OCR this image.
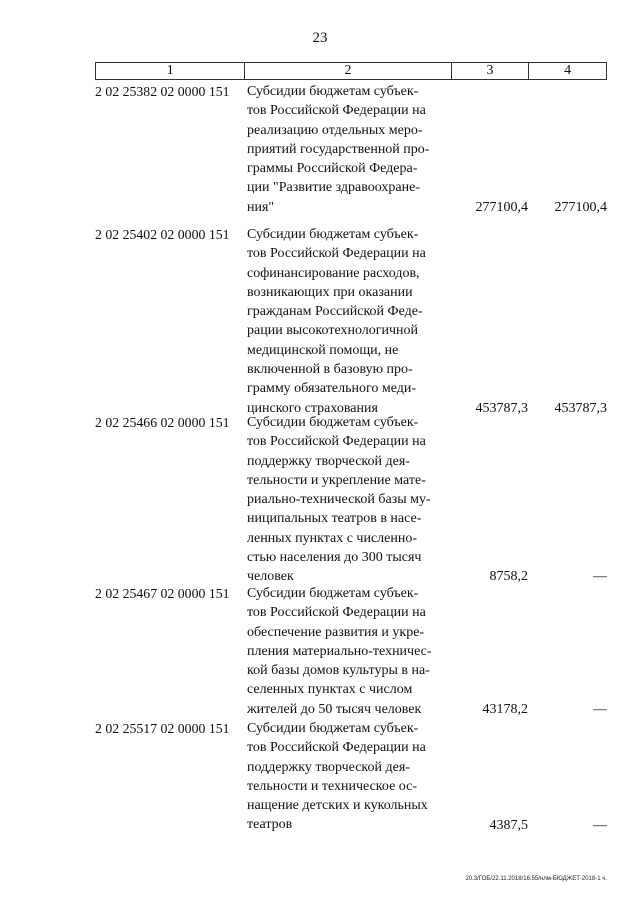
23
1	2	3	4
2 02 25382 02 0000 151	Субсидии бюджетам субъек-
тов Российской Федерации на
реализацию отдельных меро-
приятий государственной про-
граммы Российской Федера-
ции "Развитие здравоохране-
ния"	277100,4	277100,4
2 02 25402 02 0000 151	Субсидии бюджетам субъек-
тов Российской Федерации на
софинансирование расходов,
возникающих при оказании
гражданам Российской Феде-
рации высокотехнологичной
медицинской помощи, не
включенной в базовую про-
грамму обязательного меди-
цинского страхования	453787,3	453787,3
2 02 25466 02 0000 151	Субсидии бюджетам субъек-
тов Российской Федерации на
поддержку творческой дея-
тельности и укрепление мате-
риально-технической базы му-
ниципальных театров в насе-
ленных пунктах с численно-
стью населения до 300 тысяч
человек	8758,2	—
2 02 25467 02 0000 151	Субсидии бюджетам субъек-
тов Российской Федерации на
обеспечение развития и укре-
пления материально-техничес-
кой базы домов культуры в на-
селенных пунктах с числом
жителей до 50 тысяч человек	43178,2	—
2 02 25517 02 0000 151	Субсидии бюджетам субъек-
тов Российской Федерации на
поддержку творческой дея-
тельности и техническое ос-
нащение детских и кукольных
театров	4387,5	—
20.3/ГОБ/22.11.2018/16:55/нлм-БЮДЖЕТ-2018-1 ч.
